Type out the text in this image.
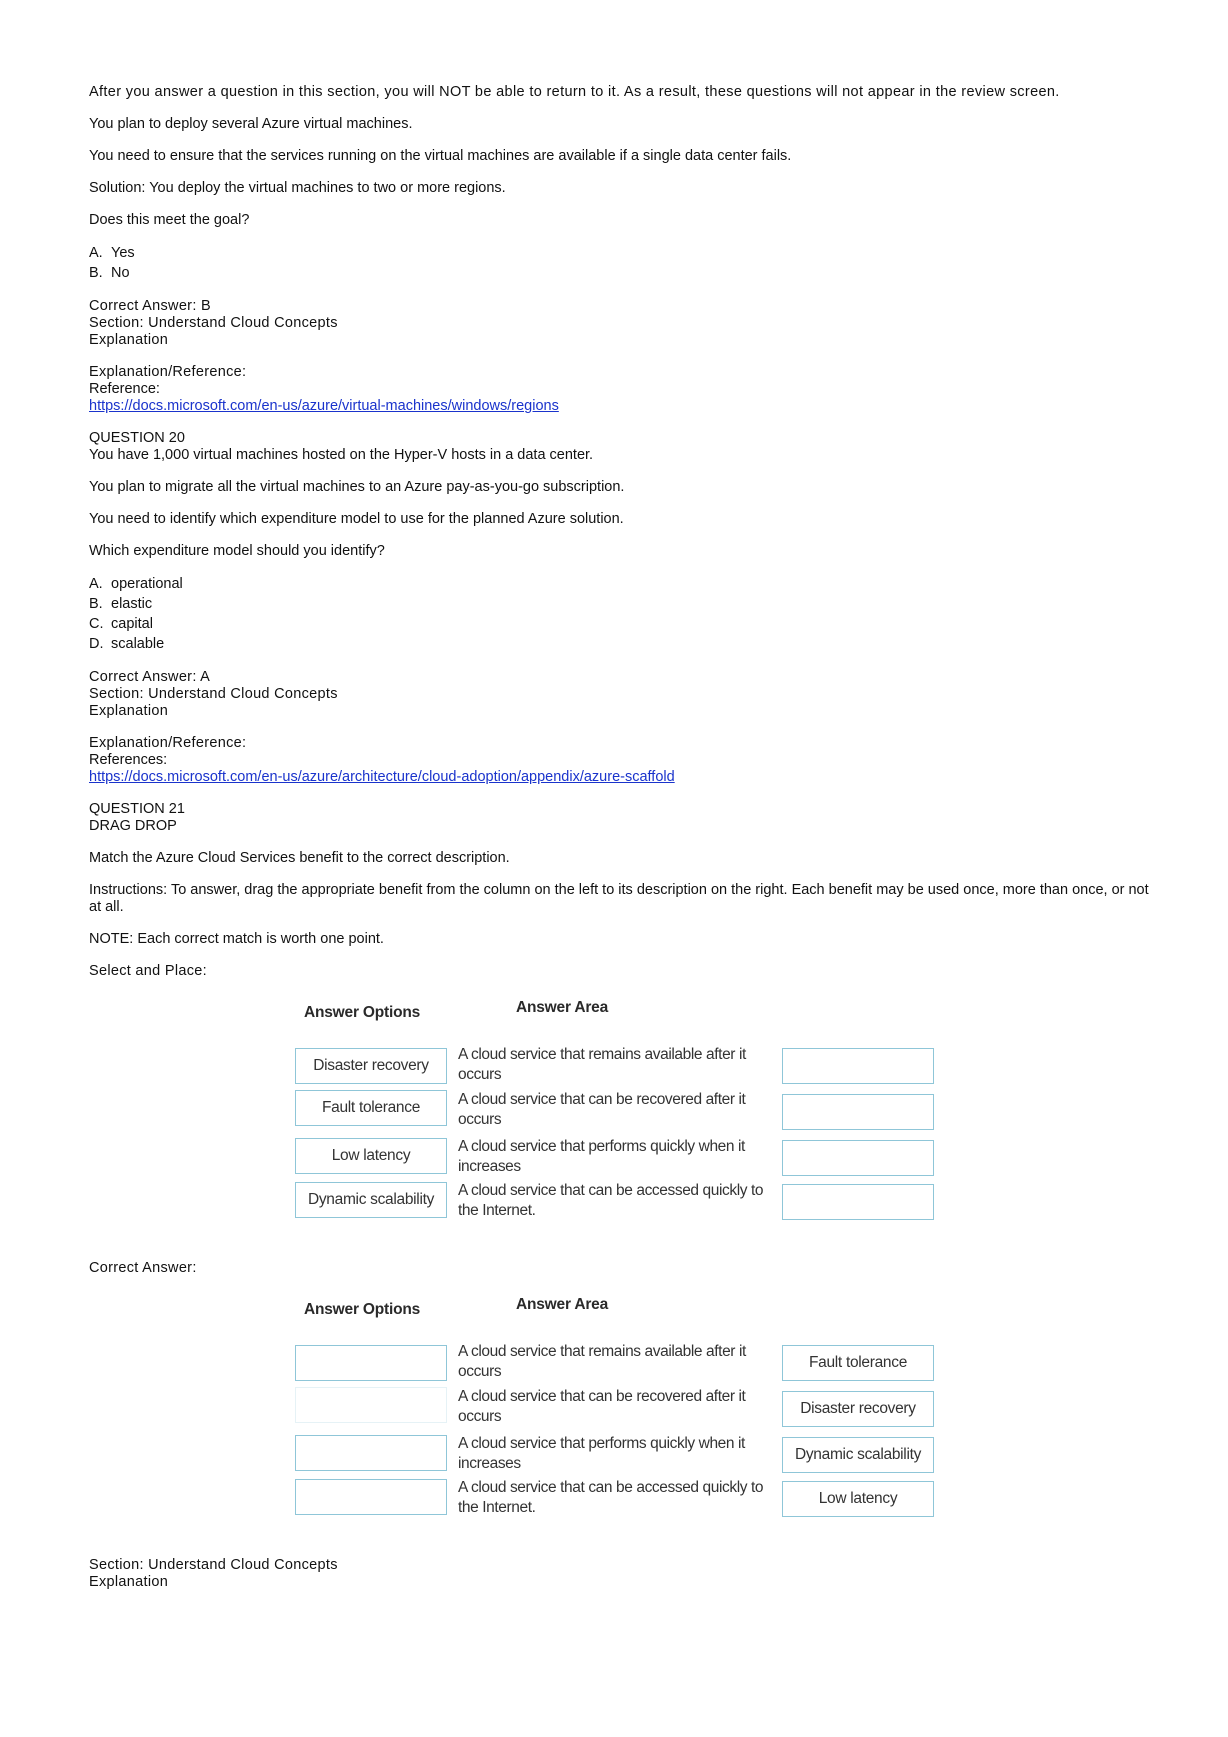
After you answer a question in this section, you will NOT be able to return to it. As a result, these questions will not appear in the review screen.

You plan to deploy several Azure virtual machines.

You need to ensure that the services running on the virtual machines are available if a single data center fails.

Solution: You deploy the virtual machines to two or more regions.

Does this meet the goal?

A. Yes

B. No

Correct Answer: B

Section: Understand Cloud Concepts

Explanation

Explanation/Reference:

Reference:

https://docs.microsoft.com/en-us/azure/virtual-machines/windows/regions

QUESTION 20

You have 1,000 virtual machines hosted on the Hyper-V hosts in a data center.

You plan to migrate all the virtual machines to an Azure pay-as-you-go subscription.

You need to identify which expenditure model to use for the planned Azure solution.

Which expenditure model should you identify?

A. operational

B. elastic

C. capital

D. scalable

Correct Answer: A

Section: Understand Cloud Concepts

Explanation

Explanation/Reference:

References:

https://docs.microsoft.com/en-us/azure/architecture/cloud-adoption/appendix/azure-scaffold

QUESTION 21

DRAG DROP

Match the Azure Cloud Services benefit to the correct description.

Instructions: To answer, drag the appropriate benefit from the column on the left to its description on the right. Each benefit may be used once, more than once, or not at all.

NOTE: Each correct match is worth one point.

Select and Place:

Answer Options	Answer Area
Disaster recovery
Fault tolerance
Low latency
Dynamic scalability
A cloud service that remains available after it occurs
A cloud service that can be recovered after it occurs
A cloud service that performs quickly when it increases
A cloud service that can be accessed quickly to the Internet.

Correct Answer:

Answer Options	Answer Area
A cloud service that remains available after it occurs
A cloud service that can be recovered after it occurs
A cloud service that performs quickly when it increases
A cloud service that can be accessed quickly to the Internet.
Fault tolerance
Disaster recovery
Dynamic scalability
Low latency

Section: Understand Cloud Concepts

Explanation
